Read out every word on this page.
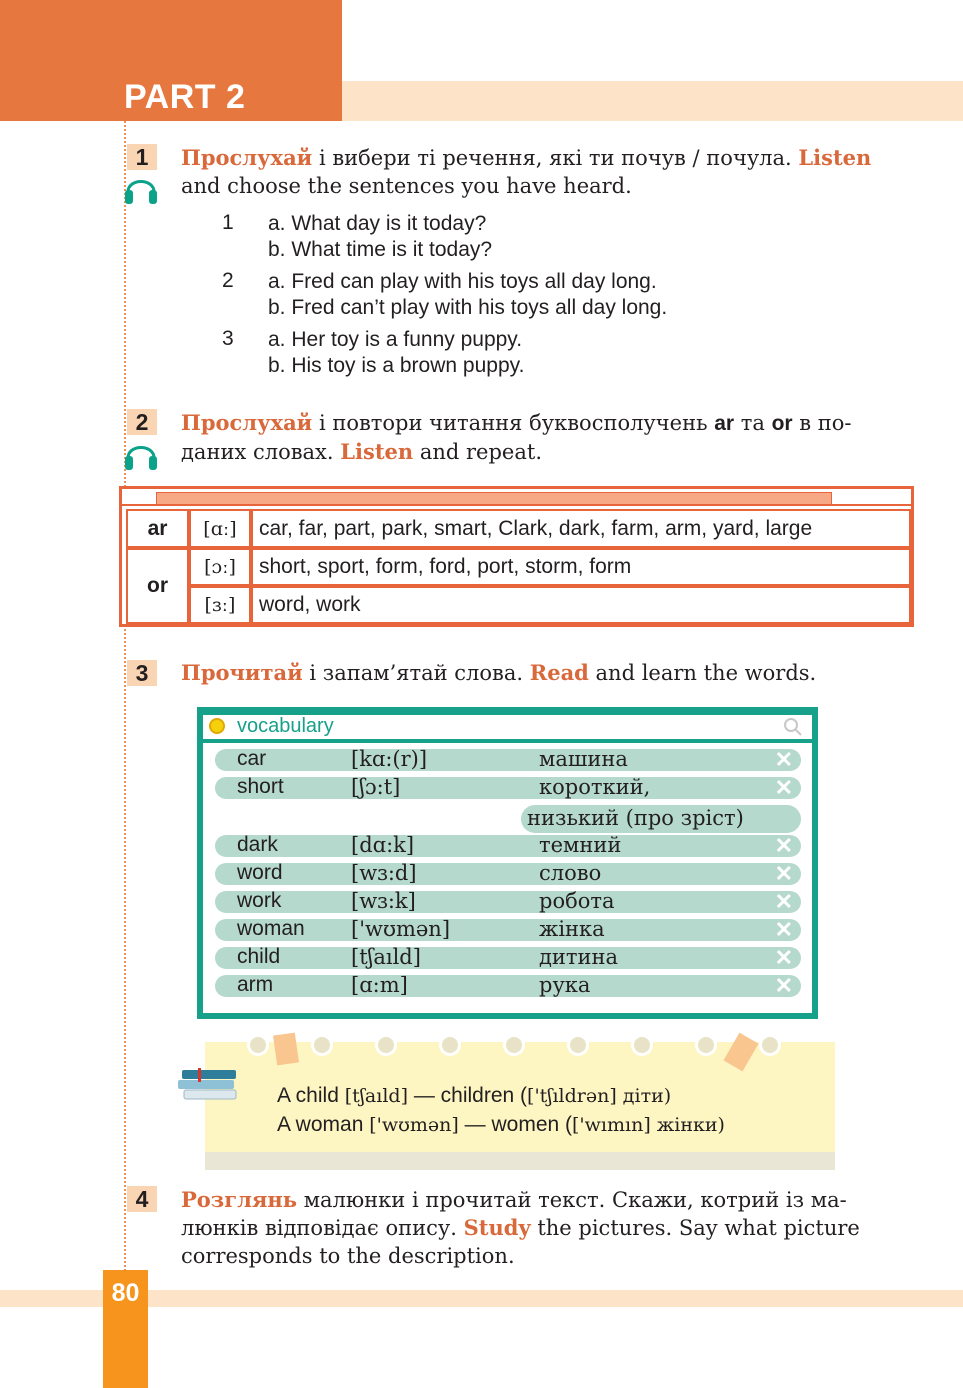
PART 2
1	Прослухай і вибери ті речення, які ти почув / почула. Listen
and choose the sentences you have heard.
1 a. What day is it today?
b. What time is it today?
2 a. Fred can play with his toys all day long.
b. Fred can’t play with his toys all day long.
3 a. Her toy is a funny puppy.
b. His toy is a brown puppy.
2	Прослухай і повтори читання буквосполучень ar та or в по-
даних словах. Listen and repeat.
ar	[ɑː]	car, far, part, park, smart, Clark, dark, farm, arm, yard, large
or
[ɔː]	short, sport, form, ford, port, storm, form
[ɜː]	word, work
3	Прочитай і запам’ятай слова. Read and learn the words.
vocabulary
car	[kɑ:(r)]	машина	✕
short	[ʃɔ:t]	короткий,	✕
низький (про зріст)
dark	[dɑ:k]	темний	✕
word	[wɜ:d]	слово	✕
work	[wɜ:k]	робота	✕
woman ['wʊmən]	жінка	✕
child	[tʃaıld]	дитина	✕
arm	[ɑ:m]	рука	✕
A child [tʃaıld] — children (['tʃıldrən] діти)
A woman ['wʊmən] — women (['wımın] жінки)
4	Розглянь малюнки і прочитай текст. Скажи, котрий із ма-
люнків відповідає опису. Study the pictures. Say what picture
corresponds to the description.
80
